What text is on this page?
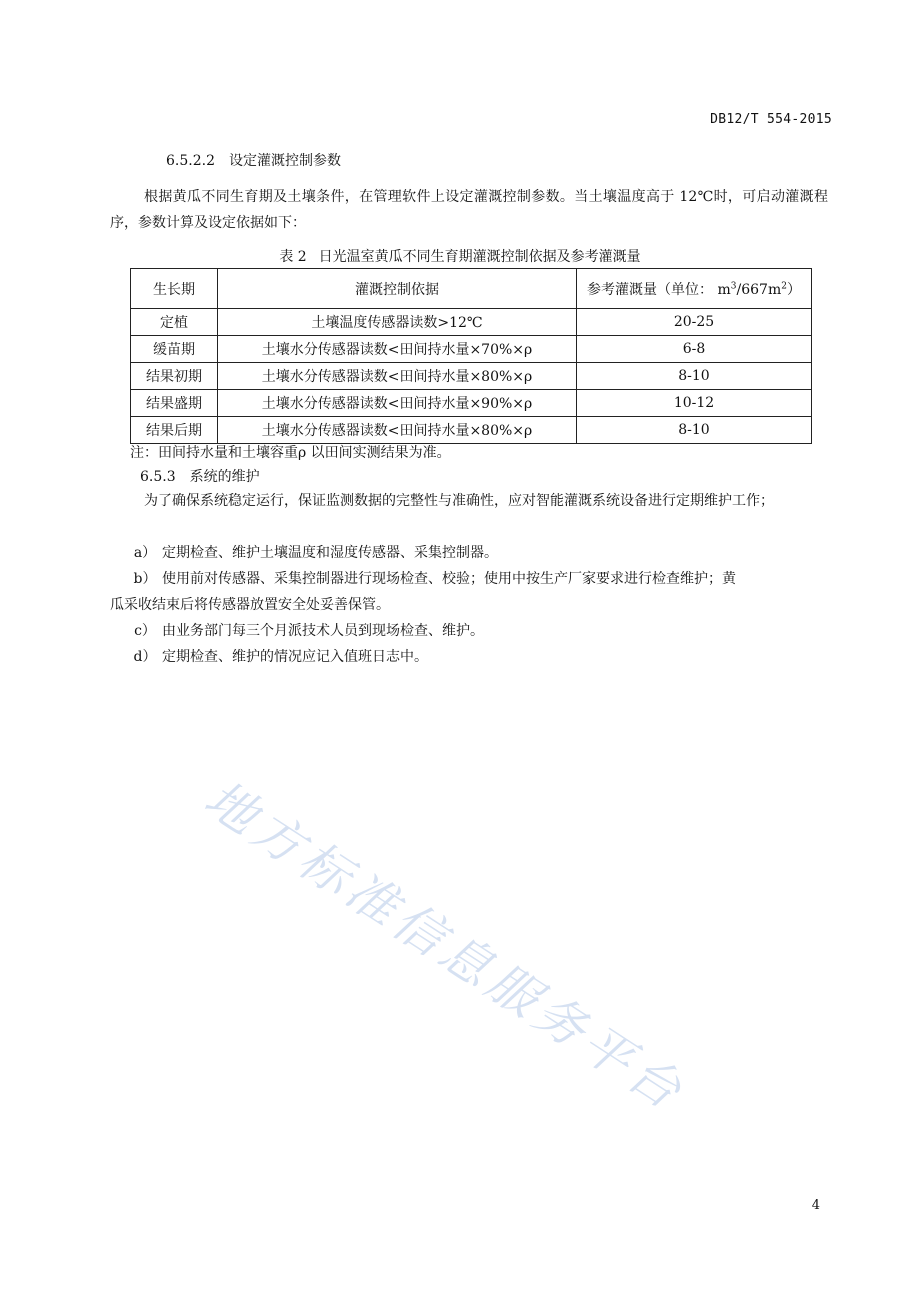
DB12/T 554-2015
6.5.2.2 设定灌溉控制参数
根据黄瓜不同生育期及土壤条件，在管理软件上设定灌溉控制参数。当土壤温度高于 12℃时，可启动灌溉程序，参数计算及设定依据如下：
表 2 日光温室黄瓜不同生育期灌溉控制依据及参考灌溉量
生长期	灌溉控制依据	参考灌溉量（单位： $m^3/667m^2$）
定植	土壤温度传感器读数>12℃	20-25
缓苗期	土壤水分传感器读数<田间持水量×70%×ρ	6-8
结果初期	土壤水分传感器读数<田间持水量×80%×ρ	8-10
结果盛期	土壤水分传感器读数<田间持水量×90%×ρ	10-12
结果后期	土壤水分传感器读数<田间持水量×80%×ρ	8-10
注：田间持水量和土壤容重ρ 以田间实测结果为准。
6.5.3 系统的维护
为了确保系统稳定运行，保证监测数据的完整性与准确性，应对智能灌溉系统设备进行定期维护工作；
a） 定期检查、维护土壤温度和湿度传感器、采集控制器。
b） 使用前对传感器、采集控制器进行现场检查、校验；使用中按生产厂家要求进行检查维护；黄
瓜采收结束后将传感器放置安全处妥善保管。
c） 由业务部门每三个月派技术人员到现场检查、维护。
d） 定期检查、维护的情况应记入值班日志中。
地方标准信息服务平台
4
